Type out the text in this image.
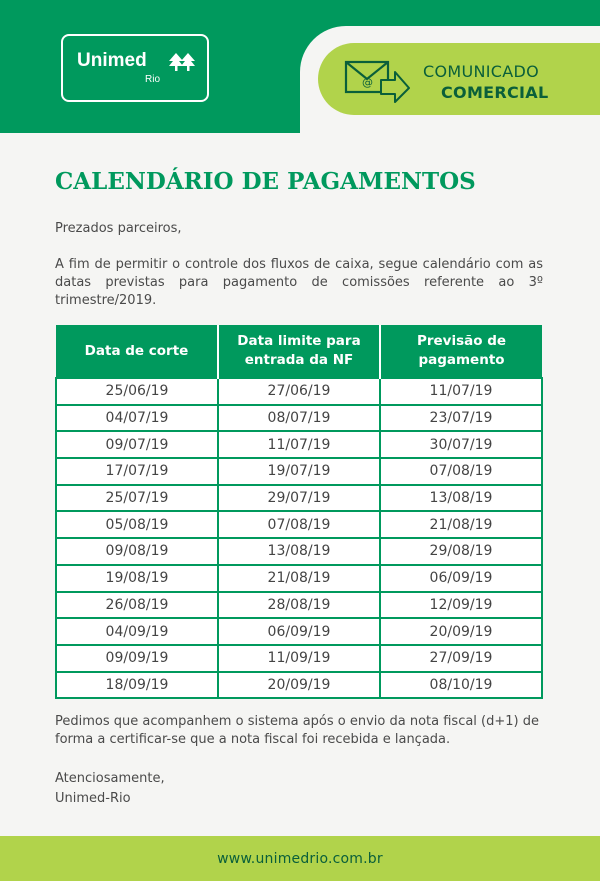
Unimed
Rio	@
COMUNICADO
COMERCIAL
CALENDÁRIO DE PAGAMENTOS

Prezados parceiros,

A fim de permitir o controle dos fluxos de caixa, segue calendário com as datas previstas para pagamento de comissões referente ao 3º trimestre/2019.

Data de corte	Data limite para entrada da NF	Previsão de pagamento
25/06/19	27/06/19	11/07/19
04/07/19	08/07/19	23/07/19
09/07/19	11/07/19	30/07/19
17/07/19	19/07/19	07/08/19
25/07/19	29/07/19	13/08/19
05/08/19	07/08/19	21/08/19
09/08/19	13/08/19	29/08/19
19/08/19	21/08/19	06/09/19
26/08/19	28/08/19	12/09/19
04/09/19	06/09/19	20/09/19
09/09/19	11/09/19	27/09/19
18/09/19	20/09/19	08/10/19

Pedimos que acompanhem o sistema após o envio da nota fiscal (d+1) de forma a certificar-se que a nota fiscal foi recebida e lançada.

Atenciosamente,

Unimed-Rio

www.unimedrio.com.br
